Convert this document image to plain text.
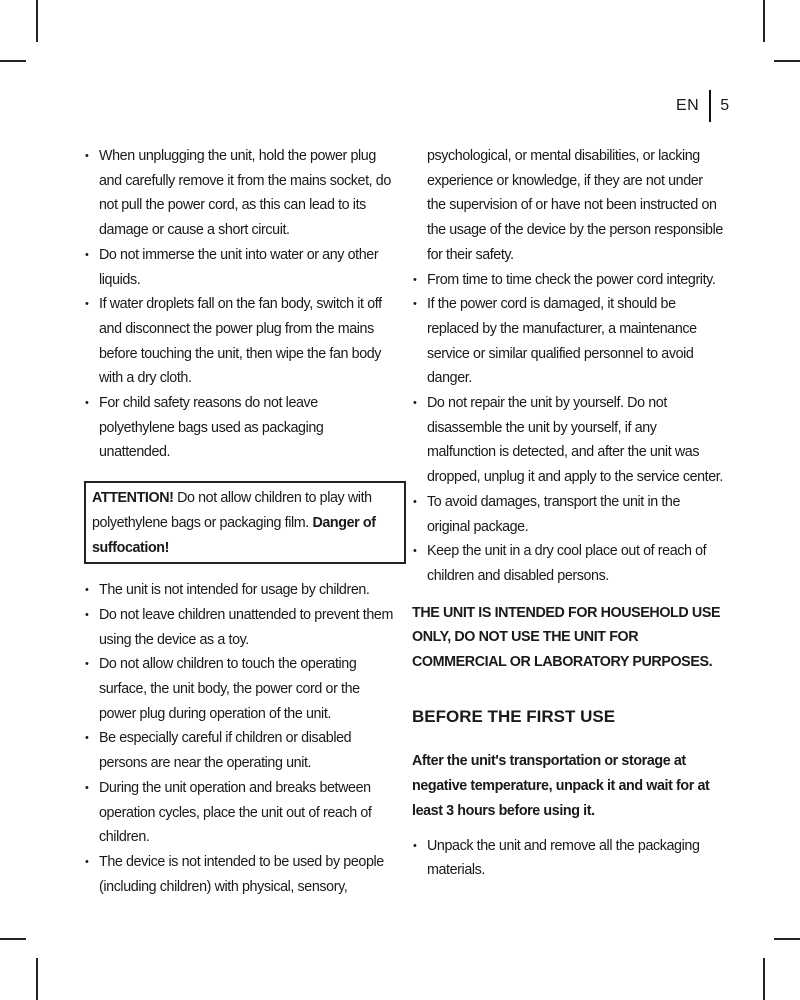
EN 5
• When unplugging the unit, hold the power plug and carefully remove it from the mains socket, do not pull the power cord, as this can lead to its damage or cause a short circuit.
• Do not immerse the unit into water or any other liquids.
• If water droplets fall on the fan body, switch it off and disconnect the power plug from the mains before touching the unit, then wipe the fan body with a dry cloth.
• For child safety reasons do not leave polyethylene bags used as packaging unattended.
ATTENTION! Do not allow children to play with polyethylene bags or packaging film. Danger of suffocation!
• The unit is not intended for usage by children.
• Do not leave children unattended to prevent them using the device as a toy.
• Do not allow children to touch the operating surface, the unit body, the power cord or the power plug during operation of the unit.
• Be especially careful if children or disabled persons are near the operating unit.
• During the unit operation and breaks between operation cycles, place the unit out of reach of children.
• The device is not intended to be used by people (including children) with physical, sensory,
psychological, or mental disabilities, or lacking experience or knowledge, if they are not under the supervision of or have not been instructed on the usage of the device by the person responsible for their safety.
• From time to time check the power cord integrity.
• If the power cord is damaged, it should be replaced by the manufacturer, a maintenance service or similar qualified personnel to avoid danger.
• Do not repair the unit by yourself. Do not disassemble the unit by yourself, if any malfunction is detected, and after the unit was dropped, unplug it and apply to the service center.
• To avoid damages, transport the unit in the original package.
• Keep the unit in a dry cool place out of reach of children and disabled persons.
THE UNIT IS INTENDED FOR HOUSEHOLD USE ONLY, DO NOT USE THE UNIT FOR COMMERCIAL OR LABORATORY PURPOSES.
BEFORE THE FIRST USE
After the unit's transportation or storage at negative temperature, unpack it and wait for at least 3 hours before using it.
• Unpack the unit and remove all the packaging materials.
